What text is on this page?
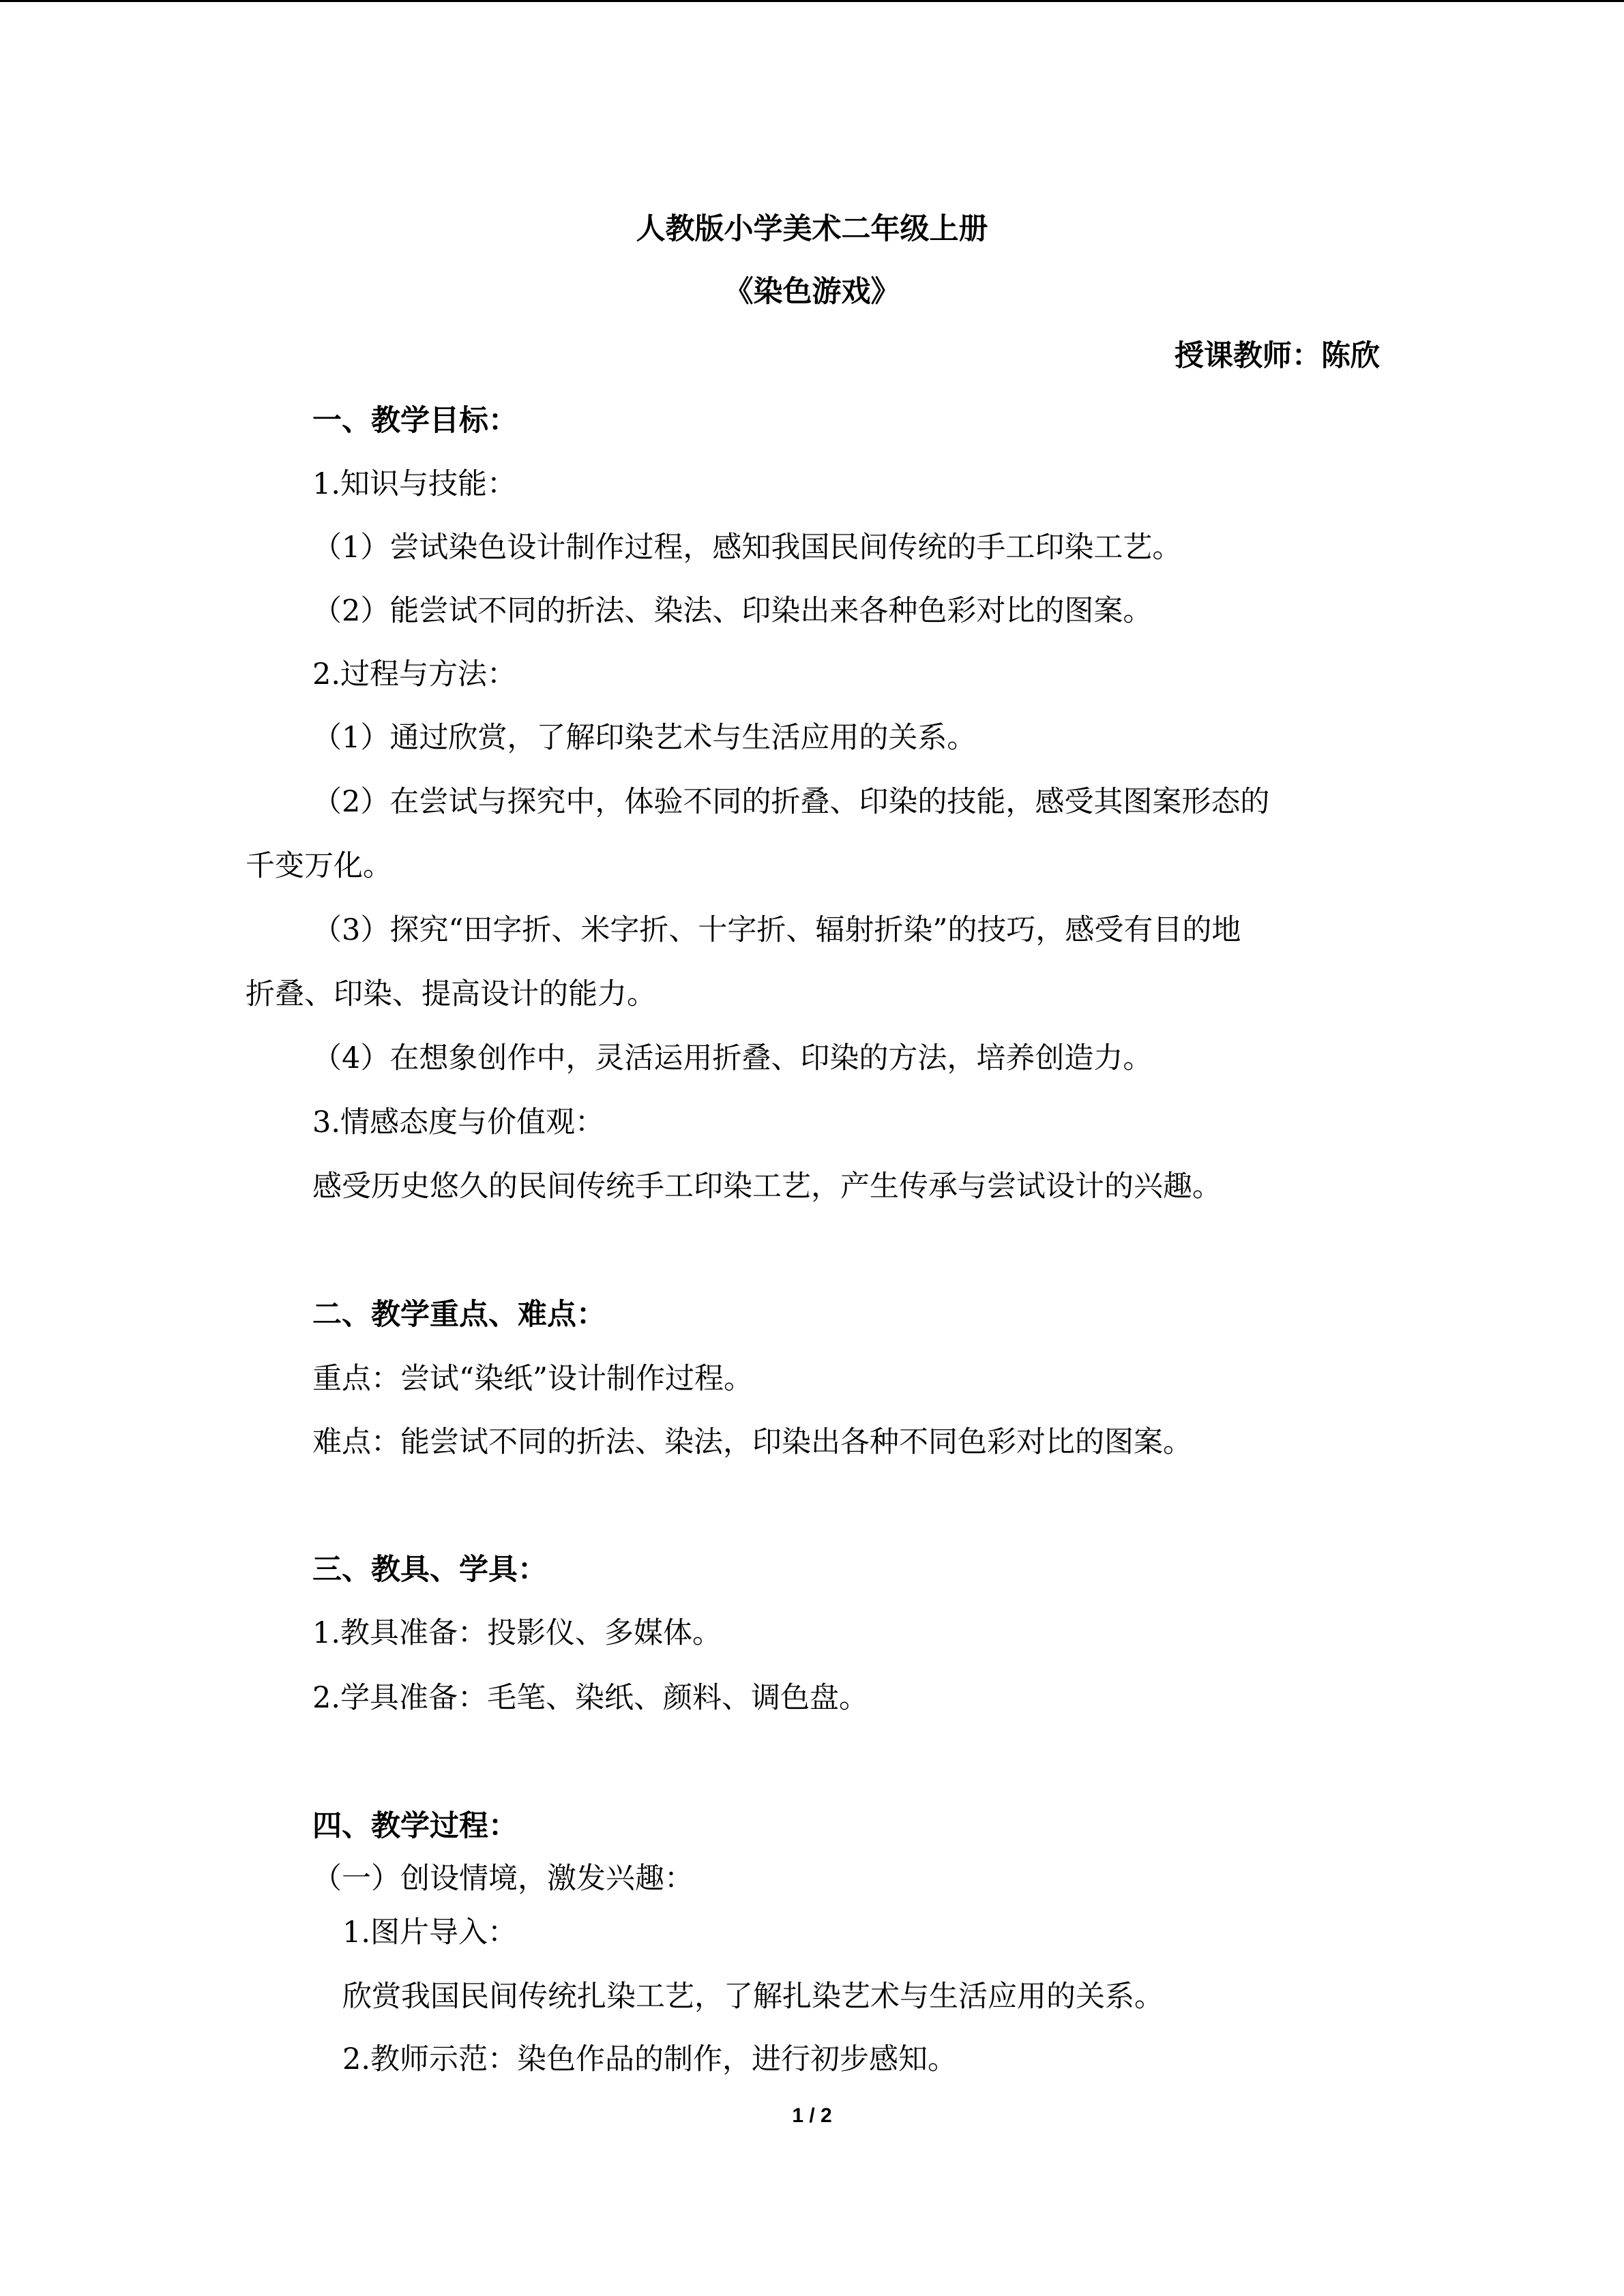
人教版小学美术二年级上册
《染色游戏》
授课教师：陈欣
一、教学目标：
1.知识与技能：
（1）尝试染色设计制作过程，感知我国民间传统的手工印染工艺。
（2）能尝试不同的折法、染法、印染出来各种色彩对比的图案。
2.过程与方法：
（1）通过欣赏，了解印染艺术与生活应用的关系。
（2）在尝试与探究中，体验不同的折叠、印染的技能，感受其图案形态的
千变万化。
（3）探究“田字折、米字折、十字折、辐射折染”的技巧，感受有目的地
折叠、印染、提高设计的能力。
（4）在想象创作中，灵活运用折叠、印染的方法，培养创造力。
3.情感态度与价值观：
感受历史悠久的民间传统手工印染工艺，产生传承与尝试设计的兴趣。
二、教学重点、难点：
重点：尝试“染纸”设计制作过程。
难点：能尝试不同的折法、染法，印染出各种不同色彩对比的图案。
三、教具、学具：
1.教具准备：投影仪、多媒体。
2.学具准备：毛笔、染纸、颜料、调色盘。
四、教学过程：
（一）创设情境，激发兴趣：
1.图片导入：
欣赏我国民间传统扎染工艺，了解扎染艺术与生活应用的关系。
2.教师示范：染色作品的制作，进行初步感知。
1 / 2
